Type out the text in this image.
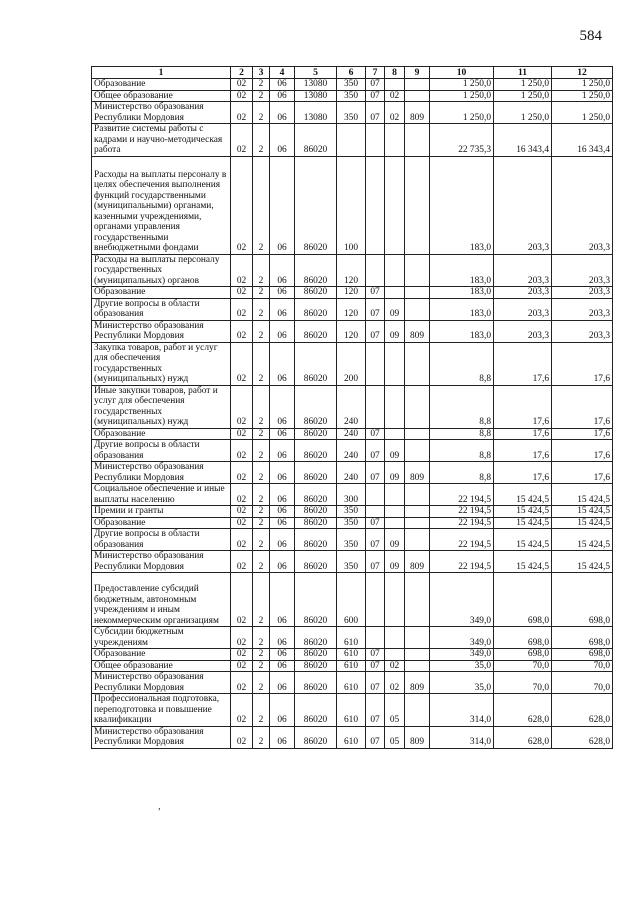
584
1	2	3	4	5	6	7	8	9	10	11	12
Образование	02	2	06	13080	350	07			1 250,0	1 250,0	1 250,0
Общее образование	02	2	06	13080	350	07	02		1 250,0	1 250,0	1 250,0
Министерство образования Республики Мордовия	02	2	06	13080	350	07	02	809	1 250,0	1 250,0	1 250,0
Развитие системы работы с кадрами и научно-методическая работа	02	2	06	86020					22 735,3	16 343,4	16 343,4
Расходы на выплаты персоналу в целях обеспечения выполнения функций государственными (муниципальными) органами, казенными учреждениями, органами управления государственными внебюджетными фондами	02	2	06	86020	100				183,0	203,3	203,3
Расходы на выплаты персоналу государственных (муниципальных) органов	02	2	06	86020	120				183,0	203,3	203,3
Образование	02	2	06	86020	120	07			183,0	203,3	203,3
Другие вопросы в области образования	02	2	06	86020	120	07	09		183,0	203,3	203,3
Министерство образования Республики Мордовия	02	2	06	86020	120	07	09	809	183,0	203,3	203,3
Закупка товаров, работ и услуг для обеспечения государственных (муниципальных) нужд	02	2	06	86020	200				8,8	17,6	17,6
Иные закупки товаров, работ и услуг для обеспечения государственных (муниципальных) нужд	02	2	06	86020	240				8,8	17,6	17,6
Образование	02	2	06	86020	240	07			8,8	17,6	17,6
Другие вопросы в области образования	02	2	06	86020	240	07	09		8,8	17,6	17,6
Министерство образования Республики Мордовия	02	2	06	86020	240	07	09	809	8,8	17,6	17,6
Социальное обеспечение и иные выплаты населению	02	2	06	86020	300				22 194,5	15 424,5	15 424,5
Премии и гранты	02	2	06	86020	350				22 194,5	15 424,5	15 424,5
Образование	02	2	06	86020	350	07			22 194,5	15 424,5	15 424,5
Другие вопросы в области образования	02	2	06	86020	350	07	09		22 194,5	15 424,5	15 424,5
Министерство образования Республики Мордовия	02	2	06	86020	350	07	09	809	22 194,5	15 424,5	15 424,5
Предоставление субсидий бюджетным, автономным учреждениям и иным некоммерческим организациям	02	2	06	86020	600				349,0	698,0	698,0
Субсидии бюджетным учреждениям	02	2	06	86020	610				349,0	698,0	698,0
Образование	02	2	06	86020	610	07			349,0	698,0	698,0
Общее образование	02	2	06	86020	610	07	02		35,0	70,0	70,0
Министерство образования Республики Мордовия	02	2	06	86020	610	07	02	809	35,0	70,0	70,0
Профессиональная подготовка, переподготовка и повышение квалификации	02	2	06	86020	610	07	05		314,0	628,0	628,0
Министерство образования Республики Мордовия	02	2	06	86020	610	07	05	809	314,0	628,0	628,0
,
